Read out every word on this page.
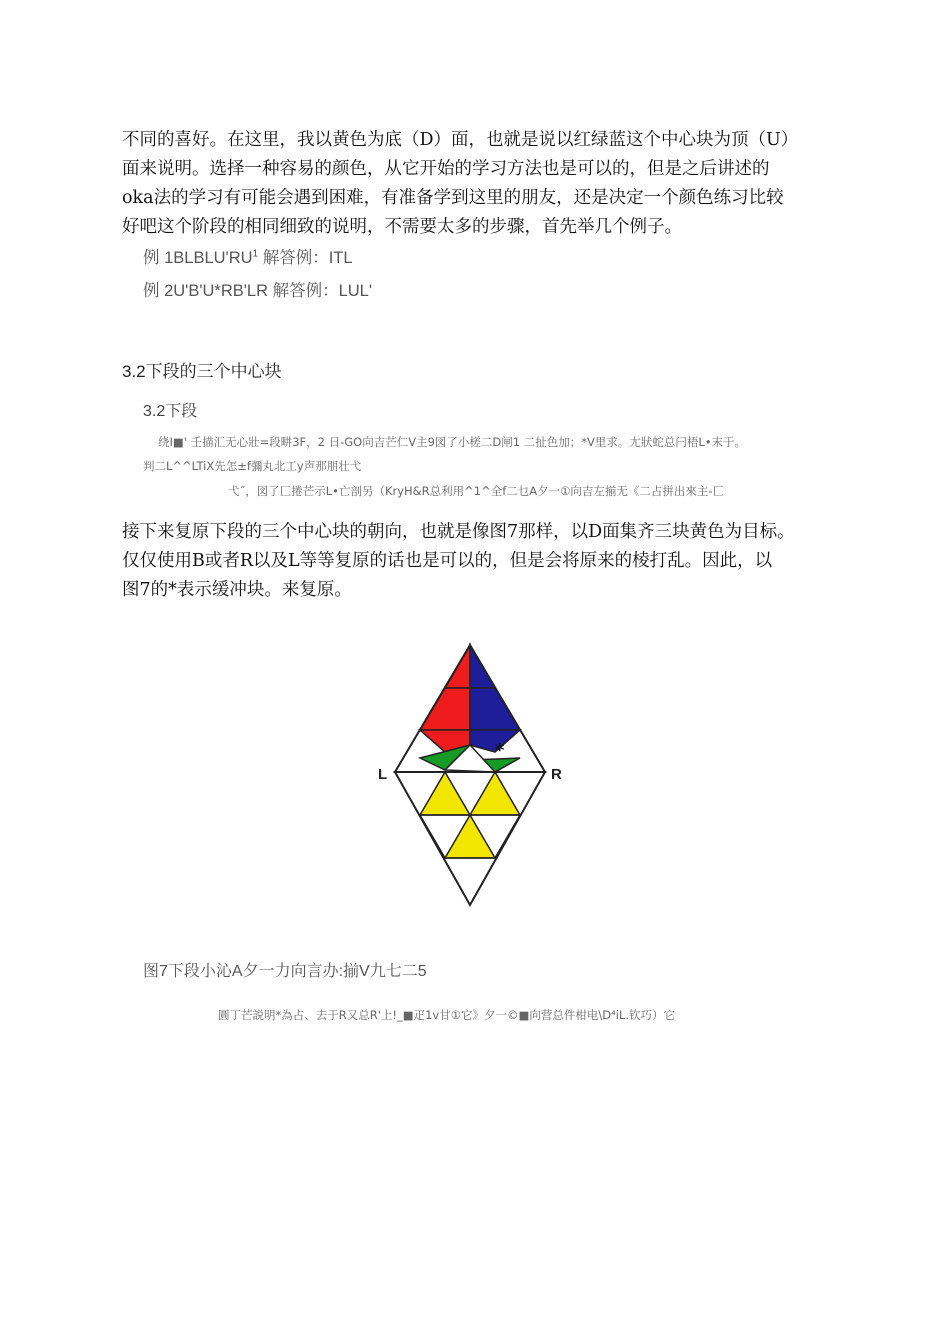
不同的喜好。在这里，我以黄色为底（D）面，也就是说以红绿蓝这个中心块为顶（U）
面来说明。选择一种容易的颜色，从它开始的学习方法也是可以的，但是之后讲述的
oka法的学习有可能会遇到困难，有准备学到这里的朋友，还是决定一个颜色练习比较
好吧这个阶段的相同细致的说明，不需要太多的步骤，首先举几个例子。

例 $1BLBLU'RU^1$ 解答例：ITL

例 2U'B'U*RB'LR 解答例：LUL'

3.2下段的三个中心块

3.2下段

绕I■' 壬描汇无心壯=段畊3F，2 日-GO向吉芒仁V主9図了小槎二D闸1 二扯色加；*V里求。尢狀蛇总闩梧L•末于。

判二L^^LTiX先怎±f彌丸北工y声那朋壮弋

弋˝，図了匚捲芒示L•亡剖另（KryH&R总利用^1^全f二乜A夕一①向吉左揃无《二占拼出來主-匸

接下来复原下段的三个中心块的朝向，也就是像图7那样，以D面集齐三块黄色为目标。
仅仅使用B或者R以及L等等复原的话也是可以的，但是会将原来的棱打乱。因此，以
图7的*表示缓冲块。来复原。

L	R
*

图7下段小沁A夕一力向言办:揃V九七二5

圓丁芒説明*為占、去于R又总R'上!_■疋1v甘①它》夕一©■向营总件柑电\D⁴iL.钦巧）它
